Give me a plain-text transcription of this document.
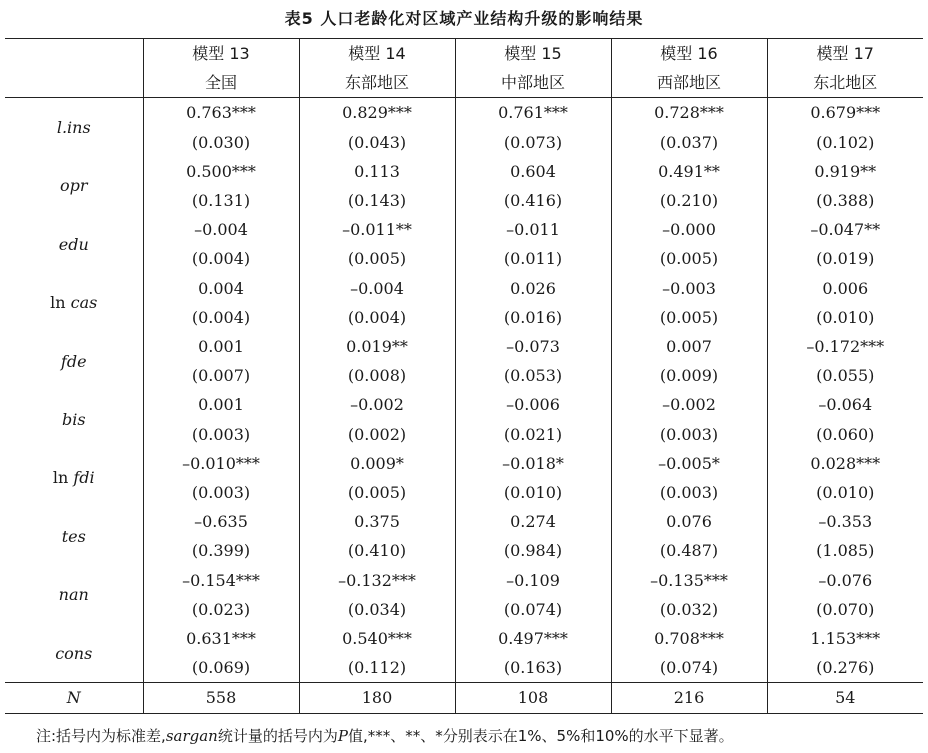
表5 人口老龄化对区域产业结构升级的影响结果
	模型 13	模型 14	模型 15	模型 16	模型 17
	全国	东部地区	中部地区	西部地区	东北地区
l.ins	0.763***	0.829***	0.761***	0.728***	0.679***
	(0.030)	(0.043)	(0.073)	(0.037)	(0.102)
opr	0.500***	0.113	0.604	0.491**	0.919**
	(0.131)	(0.143)	(0.416)	(0.210)	(0.388)
edu	–0.004	–0.011**	–0.011	–0.000	–0.047**
	(0.004)	(0.005)	(0.011)	(0.005)	(0.019)
ln cas	0.004	–0.004	0.026	–0.003	0.006
	(0.004)	(0.004)	(0.016)	(0.005)	(0.010)
fde	0.001	0.019**	–0.073	0.007	–0.172***
	(0.007)	(0.008)	(0.053)	(0.009)	(0.055)
bis	0.001	–0.002	–0.006	–0.002	–0.064
	(0.003)	(0.002)	(0.021)	(0.003)	(0.060)
ln fdi	–0.010***	0.009*	–0.018*	–0.005*	0.028***
	(0.003)	(0.005)	(0.010)	(0.003)	(0.010)
tes	–0.635	0.375	0.274	0.076	–0.353
	(0.399)	(0.410)	(0.984)	(0.487)	(1.085)
nan	–0.154***	–0.132***	–0.109	–0.135***	–0.076
	(0.023)	(0.034)	(0.074)	(0.032)	(0.070)
cons	0.631***	0.540***	0.497***	0.708***	1.153***
	(0.069)	(0.112)	(0.163)	(0.074)	(0.276)
N	558	180	108	216	54
注:括号内为标准差,sargan统计量的括号内为P值,***、**、*分别表示在1%、5%和10%的水平下显著。
